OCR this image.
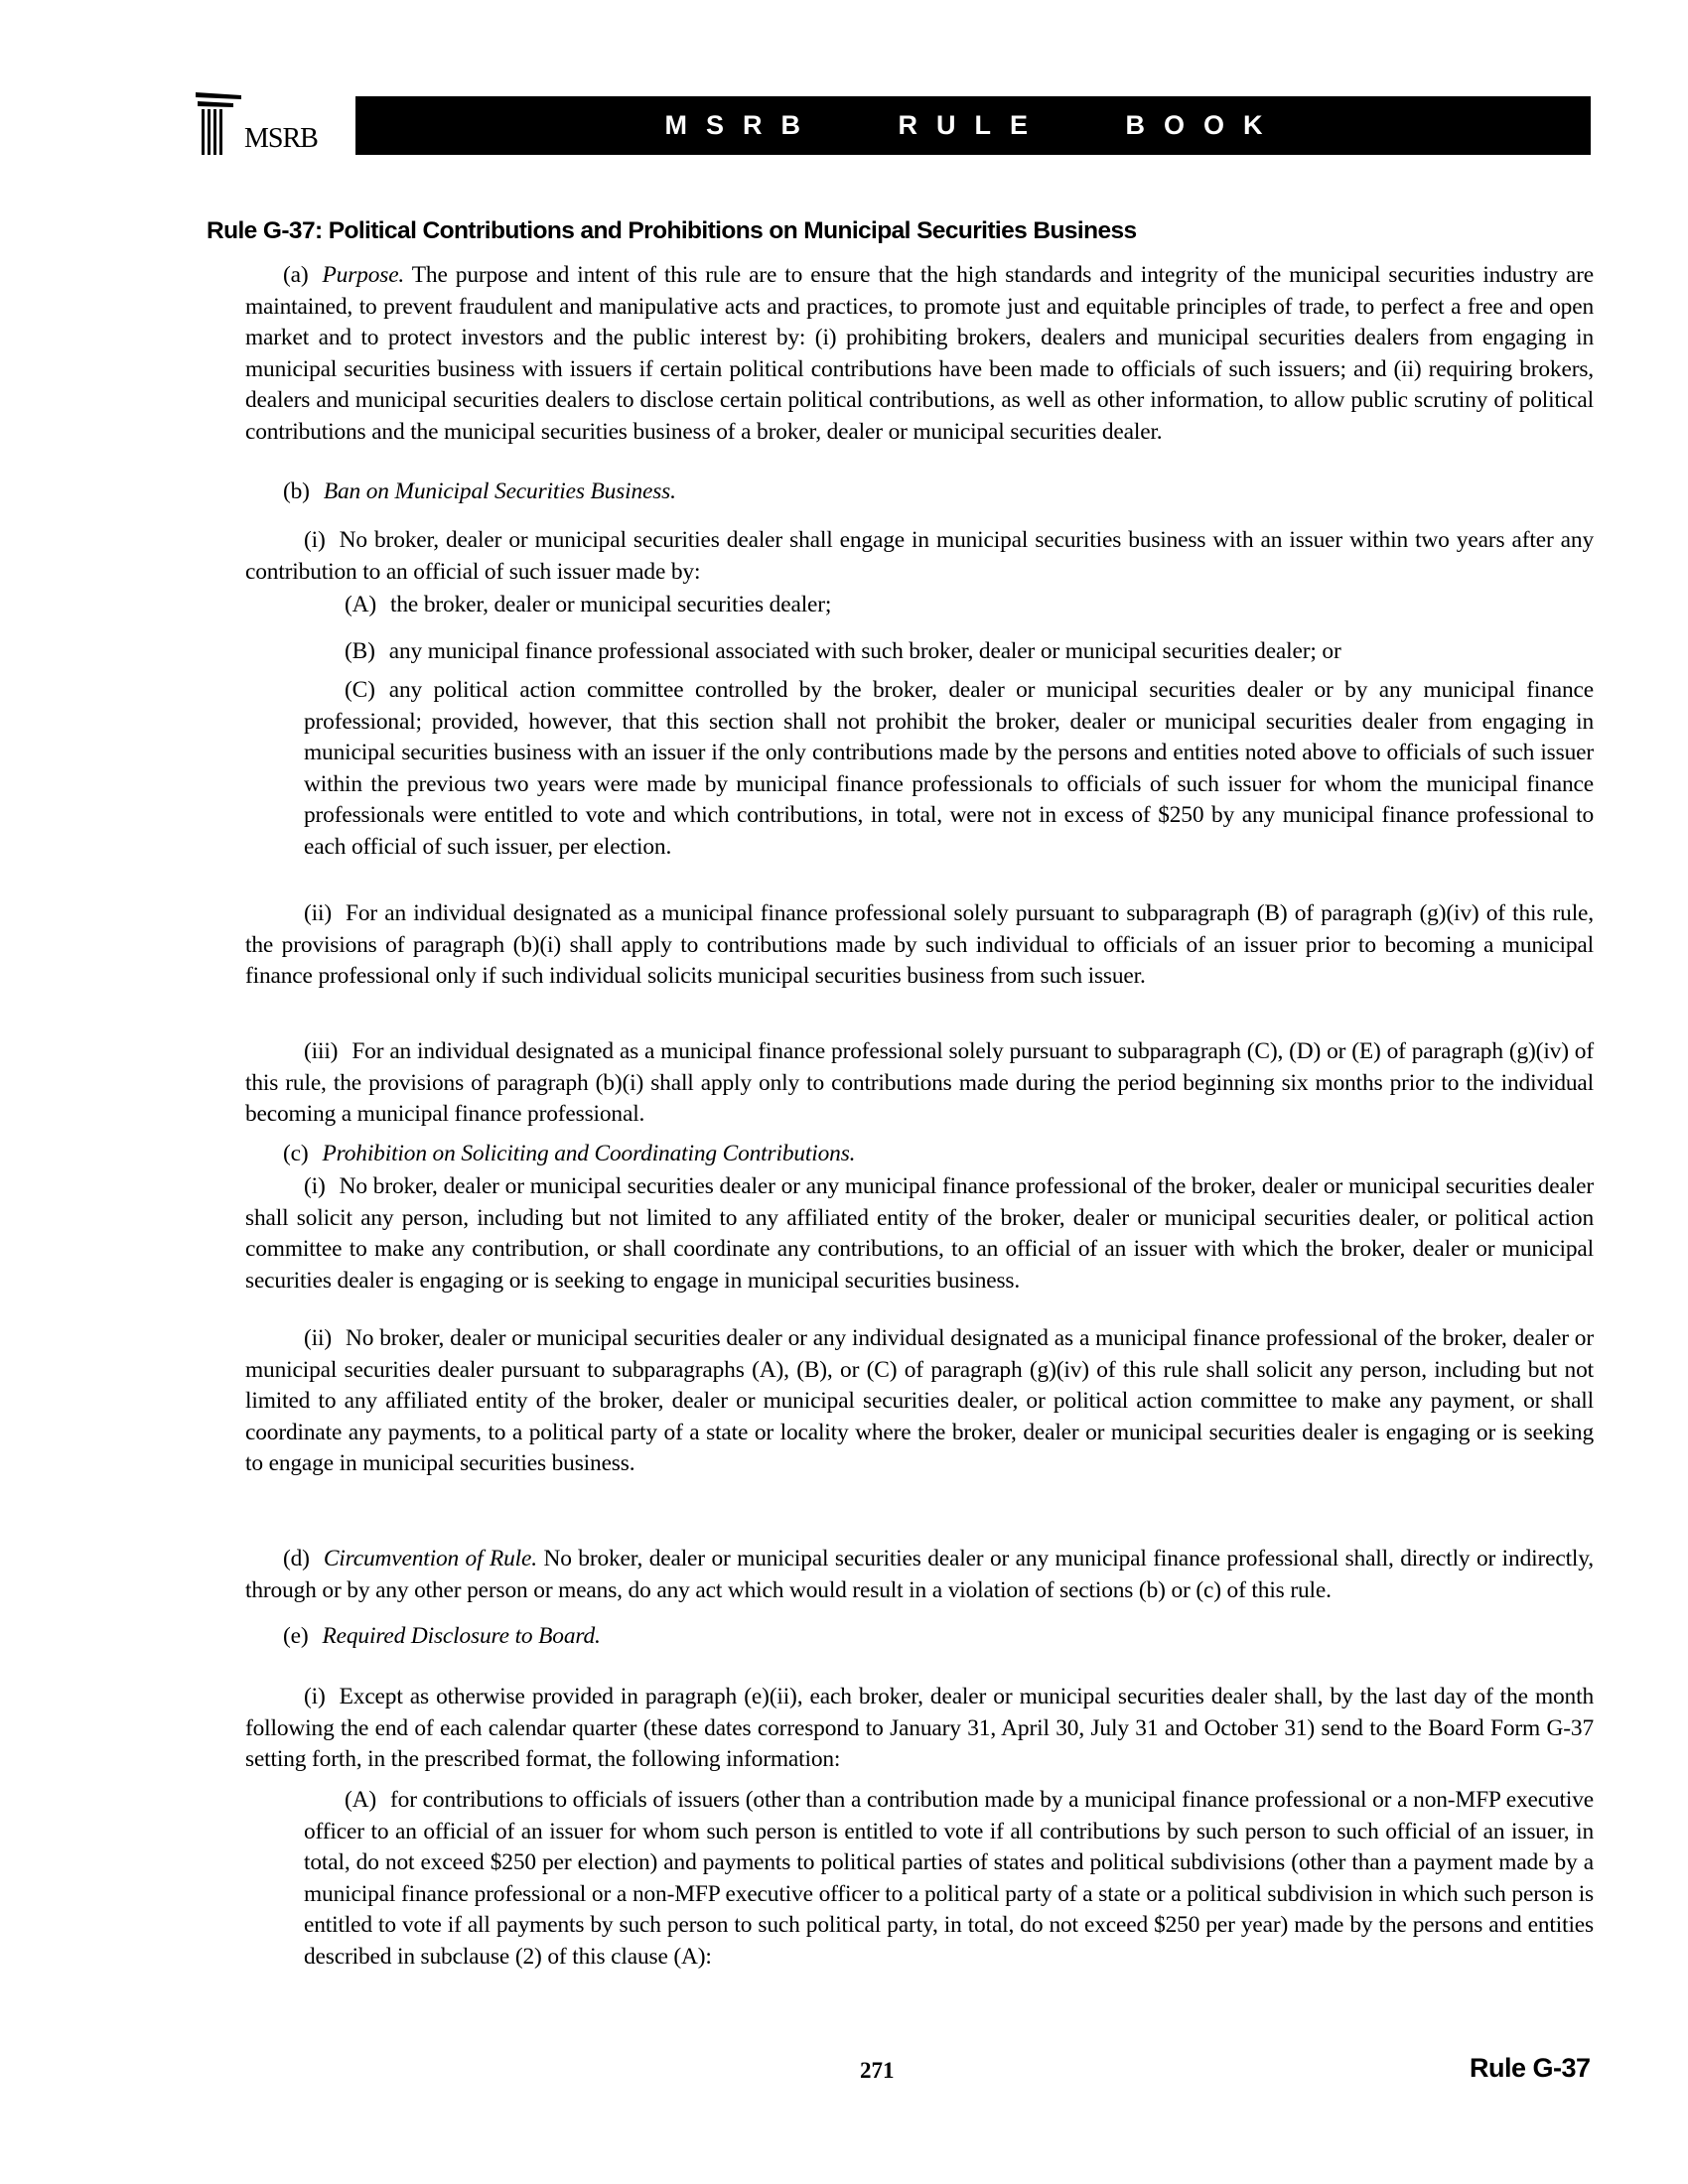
MSRB	MSRB   RULE   BOOK
Rule G-37: Political Contributions and Prohibitions on Municipal Securities Business

(a) Purpose. The purpose and intent of this rule are to ensure that the high standards and integrity of the municipal securities industry are maintained, to prevent fraudulent and manipulative acts and practices, to promote just and equitable principles of trade, to perfect a free and open market and to protect investors and the public interest by: (i) prohibiting brokers, dealers and municipal securities dealers from engaging in municipal securities business with issuers if certain political contributions have been made to officials of such issuers; and (ii) requiring brokers, dealers and municipal securities dealers to disclose certain political contributions, as well as other information, to allow public scrutiny of political contributions and the municipal securities business of a broker, dealer or municipal securities dealer.

(b) Ban on Municipal Securities Business.

(i) No broker, dealer or municipal securities dealer shall engage in municipal securities business with an issuer within two years after any contribution to an official of such issuer made by:

(A) the broker, dealer or municipal securities dealer;

(B) any municipal finance professional associated with such broker, dealer or municipal securities dealer; or

(C) any political action committee controlled by the broker, dealer or municipal securities dealer or by any municipal finance professional; provided, however, that this section shall not prohibit the broker, dealer or municipal securities dealer from engaging in municipal securities business with an issuer if the only contributions made by the persons and entities noted above to officials of such issuer within the previous two years were made by municipal finance professionals to officials of such issuer for whom the municipal finance professionals were entitled to vote and which contributions, in total, were not in excess of $250 by any municipal finance professional to each official of such issuer, per election.

(ii) For an individual designated as a municipal finance professional solely pursuant to subparagraph (B) of paragraph (g)(iv) of this rule, the provisions of paragraph (b)(i) shall apply to contributions made by such individual to officials of an issuer prior to becoming a municipal finance professional only if such individual solicits municipal securities business from such issuer.

(iii) For an individual designated as a municipal finance professional solely pursuant to subparagraph (C), (D) or (E) of paragraph (g)(iv) of this rule, the provisions of paragraph (b)(i) shall apply only to contributions made during the period beginning six months prior to the individual becoming a municipal finance professional.

(c) Prohibition on Soliciting and Coordinating Contributions.

(i) No broker, dealer or municipal securities dealer or any municipal finance professional of the broker, dealer or municipal securities dealer shall solicit any person, including but not limited to any affiliated entity of the broker, dealer or municipal securities dealer, or political action committee to make any contribution, or shall coordinate any contributions, to an official of an issuer with which the broker, dealer or municipal securities dealer is engaging or is seeking to engage in municipal securities business.

(ii) No broker, dealer or municipal securities dealer or any individual designated as a municipal finance professional of the broker, dealer or municipal securities dealer pursuant to subparagraphs (A), (B), or (C) of paragraph (g)(iv) of this rule shall solicit any person, including but not limited to any affiliated entity of the broker, dealer or municipal securities dealer, or political action committee to make any payment, or shall coordinate any payments, to a political party of a state or locality where the broker, dealer or municipal securities dealer is engaging or is seeking to engage in municipal securities business.

(d) Circumvention of Rule. No broker, dealer or municipal securities dealer or any municipal finance professional shall, directly or indirectly, through or by any other person or means, do any act which would result in a violation of sections (b) or (c) of this rule.

(e) Required Disclosure to Board.

(i) Except as otherwise provided in paragraph (e)(ii), each broker, dealer or municipal securities dealer shall, by the last day of the month following the end of each calendar quarter (these dates correspond to January 31, April 30, July 31 and October 31) send to the Board Form G-37 setting forth, in the prescribed format, the following information:

(A) for contributions to officials of issuers (other than a contribution made by a municipal finance professional or a non-MFP executive officer to an official of an issuer for whom such person is entitled to vote if all contributions by such person to such official of an issuer, in total, do not exceed $250 per election) and payments to political parties of states and political subdivisions (other than a payment made by a municipal finance professional or a non-MFP executive officer to a political party of a state or a political subdivision in which such person is entitled to vote if all payments by such person to such political party, in total, do not exceed $250 per year) made by the persons and entities described in subclause (2) of this clause (A):

271	Rule G-37
